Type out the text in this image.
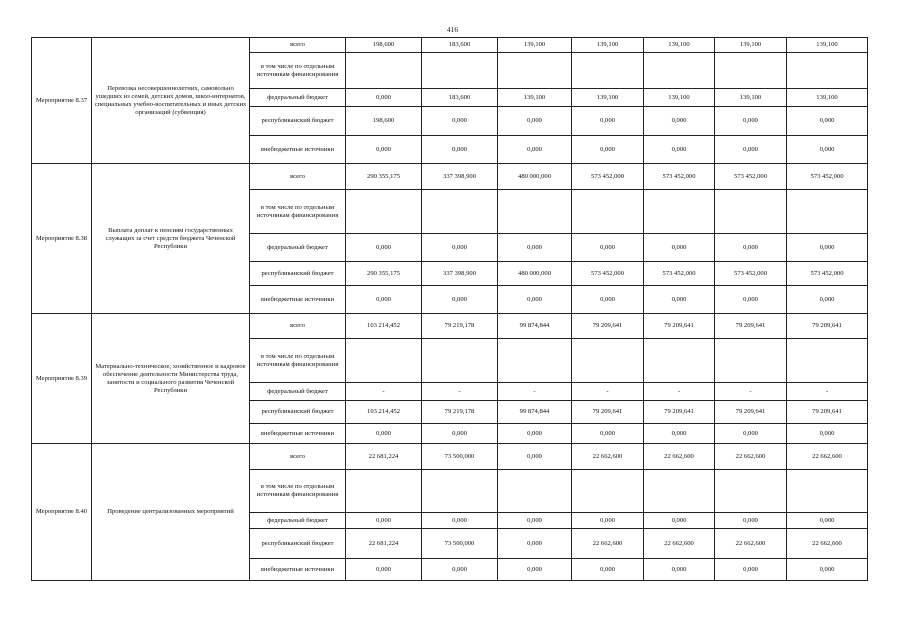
416
Мероприятие 8.37	Перевозка несовершеннолетних, самовольно ушедших из семей, детских домов, школ-интернатов, специальных учебно-воспитательных и иных детских организаций (субвенция)	всего	198,600	183,600	139,100	139,100	139,100	139,100	139,100
		в том числе по отдельным источникам финансирования							
		федеральный бюджет	0,000	183,600	139,100	139,100	139,100	139,100	139,100
		республиканский бюджет	198,600	0,000	0,000	0,000	0,000	0,000	0,000
		внебюджетные источники	0,000	0,000	0,000	0,000	0,000	0,000	0,000
Мероприятие 8.38	Выплата доплат к пенсиям государственных служащих за счет средств бюджета Чеченской Республики	всего	290 355,175	337 398,900	480 000,000	573 452,000	573 452,000	573 452,000	573 452,000
		в том числе по отдельным источникам финансирования							
		федеральный бюджет	0,000	0,000	0,000	0,000	0,000	0,000	0,000
		республиканский бюджет	290 355,175	337 398,900	480 000,000	573 452,000	573 452,000	573 452,000	573 452,000
		внебюджетные источники	0,000	0,000	0,000	0,000	0,000	0,000	0,000
Мероприятие 8.39	Материально-техническое, хозяйственное и кадровое обеспечение деятельности Министерства труда, занятости и социального развития Чеченской Республики	всего	103 214,452	79 219,178	99 874,844	79 209,641	79 209,641	79 209,641	79 209,641
		в том числе по отдельным источникам финансирования							
		федеральный бюджет	-	-	-	-	-	-	-
		республиканский бюджет	103 214,452	79 219,178	99 874,844	79 209,641	79 209,641	79 209,641	79 209,641
		внебюджетные источники	0,000	0,000	0,000	0,000	0,000	0,000	0,000
Мероприятие 8.40	Проведение централизованных мероприятий	всего	22 681,224	73 500,000	0,000	22 662,600	22 662,600	22 662,600	22 662,600
		в том числе по отдельным источникам финансирования							
		федеральный бюджет	0,000	0,000	0,000	0,000	0,000	0,000	0,000
		республиканский бюджет	22 681,224	73 500,000	0,000	22 662,600	22 662,600	22 662,600	22 662,600
		внебюджетные источники	0,000	0,000	0,000	0,000	0,000	0,000	0,000
